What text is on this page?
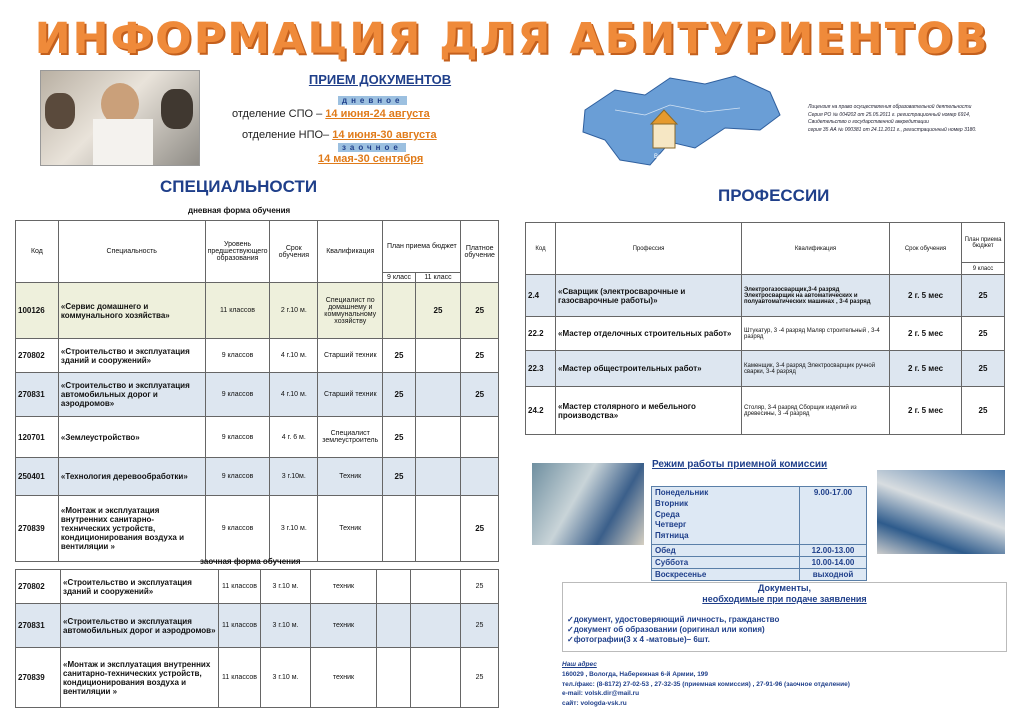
ИНФОРМАЦИЯ ДЛЯ АБИТУРИЕНТОВ
ПРИЕМ ДОКУМЕНТОВ
дневное
отделение СПО – 14 июня-24 августа
отделение НПО– 14 июня-30 августа
заочное
14 мая-30 сентября	Вологда
Лицензия на право осуществления образовательной деятельности
Серия РО № 004202 от 25.05.2011 г. регистрационный номер 6914,
Свидетельство о государственной аккредитации
серия 35 АА № 000381 от 24.11.2011 г., регистрационный номер 3180.
СПЕЦИАЛЬНОСТИ	ПРОФЕССИИ
дневная форма обучения
Код	Специальность	Уровень предшествующего образования	Срок обучения	Квалификация	План приема бюджет		Платное обучение
					9 класс	11 класс	
100126	«Сервис домашнего и коммунального хозяйства»	11 классов	2 г.10 м.	Специалист по домашнему и коммунальному хозяйству		25	25
270802	«Строительство и эксплуатация зданий и сооружений»	9 классов	4 г.10 м.	Старший техник	25		25
270831	«Строительство и эксплуатация автомобильных дорог и аэродромов»	9 классов	4 г.10 м.	Старший техник	25		25
120701	«Землеустройство»	9 классов	4 г. 6 м.	Специалист землеустроитель	25		
250401	«Технология деревообработки»	9 классов	3 г.10м.	Техник	25		
270839	«Монтаж и эксплуатация внутренних санитарно-технических устройств, кондиционирования воздуха и вентиляции »	9 классов	3 г.10 м.	Техник			25
заочная форма обучения
270802	«Строительство и эксплуатация зданий и сооружений»	11 классов	3 г.10 м.	техник			25
270831	«Строительство и эксплуатация автомобильных дорог и аэродромов»	11 классов	3 г.10 м.	техник			25
270839	«Монтаж и эксплуатация внутренних санитарно-технических устройств, кондиционирования воздуха и вентиляции »	11 классов	3 г.10 м.	техник			25
Код	Профессия	Квалификация	Срок обучения	План приема бюджет
				9 класс
2.4	«Сварщик (электросварочные и газосварочные работы)»	Электрогазосварщик,3-4 разряд Электросварщик на автоматических и полуавтоматических машинах , 3-4 разряд	2 г. 5 мес	25
22.2	«Мастер отделочных строительных работ»	Штукатур, 3 -4 разряд Маляр строительный , 3-4 разряд	2 г. 5 мес	25
22.3	«Мастер общестроительных работ»	Каменщик, 3-4 разряд Электросварщик ручной сварки, 3-4 разряд	2 г. 5 мес	25
24.2	«Мастер столярного и мебельного производства»	Столяр, 3-4 разряд Сборщик изделий из древесины, 3 -4 разряд	2 г. 5 мес	25
Режим работы приемной комиссии
Понедельник
Вторник
Среда
Четверг
Пятница	9.00-17.00
Обед	12.00-13.00
Суббота	10.00-14.00
Воскресенье	выходной
Документы,
необходимые при подаче заявления
✓документ, удостоверяющий личность, гражданство
✓документ об образовании (оригинал или копия)
✓фотографии(3 х 4 -матовые)– 6шт.
Наш адрес
160029 , Вологда, Набережная 6-й Армии, 199
тел./факс: (8-8172) 27-02-53 , 27-32-35 (приемная комиссия) , 27-91-96 (заочное отделение)
e-mail: volsk.dir@mail.ru
сайт: vologda-vsk.ru
